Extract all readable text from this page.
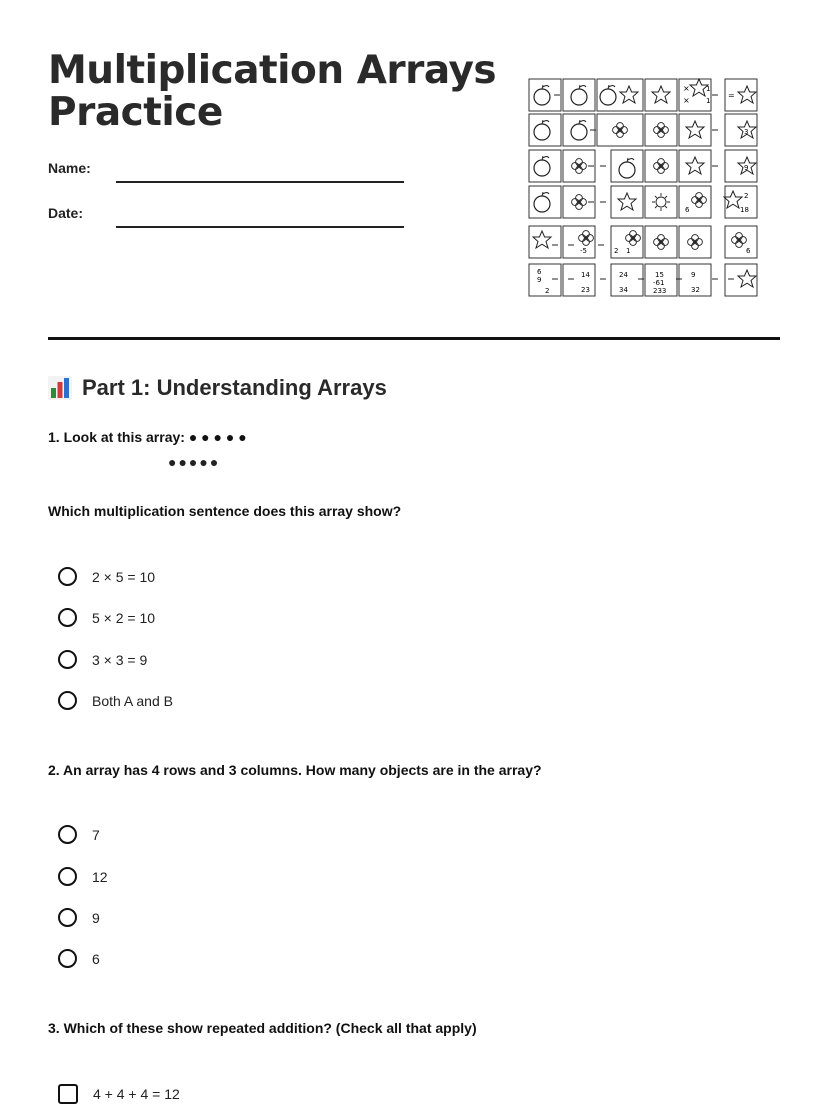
Multiplication Arrays
Practice
Name:
Date:
×
×
1
1
=
3
9
2
18
6
-5	2 1	6
6
9
2
14
23
24
34
15
-61
233
9
32
Part 1: Understanding Arrays
1. Look at this array: ● ● ● ● ●
●●●●●
Which multiplication sentence does this array show?
2 × 5 = 10
5 × 2 = 10
3 × 3 = 9
Both A and B
2. An array has 4 rows and 3 columns. How many objects are in the array?
7
12
9
6
3. Which of these show repeated addition? (Check all that apply)
4 + 4 + 4 = 12
